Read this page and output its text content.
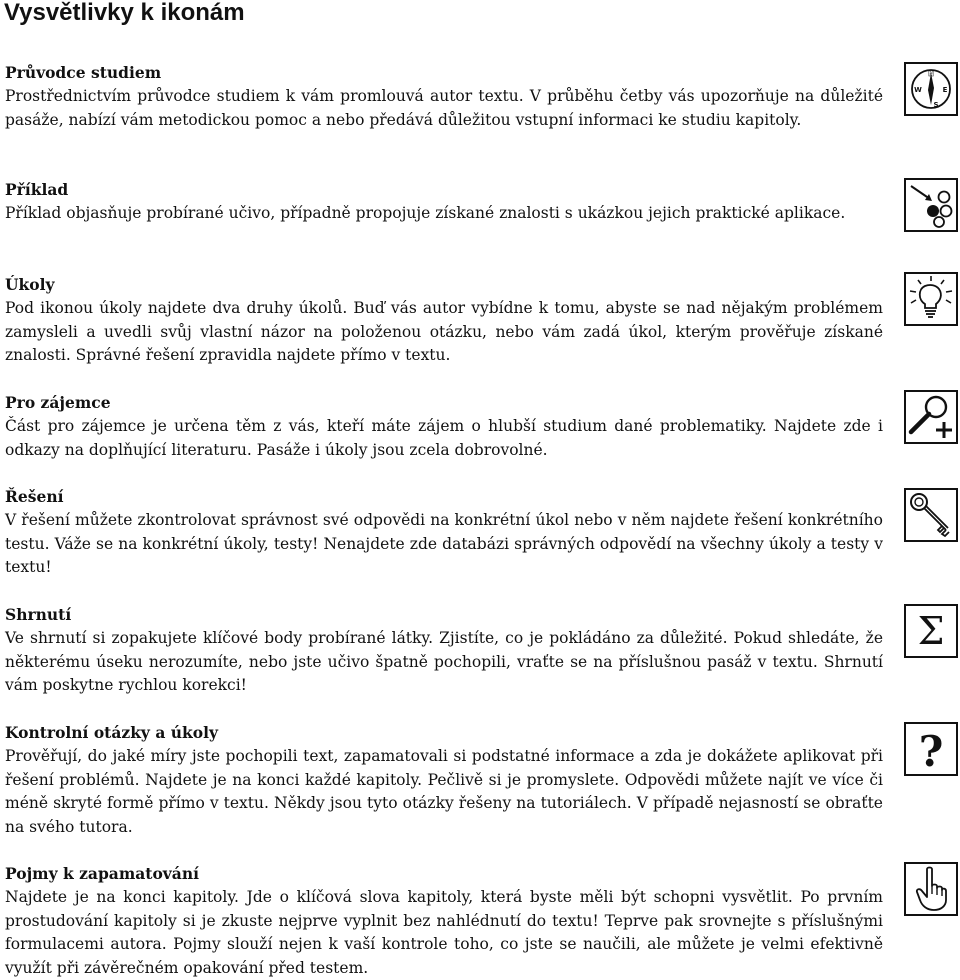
Vysvětlivky k ikonám
Průvodce studiem

Prostřednictvím průvodce studiem k vám promlouvá autor textu. V průběhu četby vás upozorňuje na důležité pasáže, nabízí vám metodickou pomoc a nebo předává důležitou vstupní informaci ke studiu kapitoly.

N
E
S
W
Příklad

Příklad objasňuje probírané učivo, případně propojuje získané znalosti s ukázkou jejich praktické aplikace.

Úkoly

Pod ikonou úkoly najdete dva druhy úkolů. Buď vás autor vybídne k tomu, abyste se nad nějakým problémem zamysleli a uvedli svůj vlastní názor na položenou otázku, nebo vám zadá úkol, kterým prověřuje získané znalosti. Správné řešení zpravidla najdete přímo v textu.

Pro zájemce

Část pro zájemce je určena těm z vás, kteří máte zájem o hlubší studium dané problematiky. Najdete zde i odkazy na doplňující literaturu. Pasáže i úkoly jsou zcela dobrovolné.

Řešení

V řešení můžete zkontrolovat správnost své odpovědi na konkrétní úkol nebo v něm najdete řešení konkrétního testu. Váže se na konkrétní úkoly, testy! Nenajdete zde databázi správných odpovědí na všechny úkoly a testy v textu!

Shrnutí

Ve shrnutí si zopakujete klíčové body probírané látky. Zjistíte, co je pokládáno za důležité. Pokud shledáte, že některému úseku nerozumíte, nebo jste učivo špatně pochopili, vraťte se na příslušnou pasáž v textu. Shrnutí vám poskytne rychlou korekci!

Σ
Kontrolní otázky a úkoly

Prověřují, do jaké míry jste pochopili text, zapamatovali si podstatné informace a zda je dokážete aplikovat při řešení problémů. Najdete je na konci každé kapitoly. Pečlivě si je promyslete. Odpovědi můžete najít ve více či méně skryté formě přímo v textu. Někdy jsou tyto otázky řešeny na tutoriálech. V případě nejasností se obraťte na svého tutora.

?
Pojmy k zapamatování

Najdete je na konci kapitoly. Jde o klíčová slova kapitoly, která byste měli být schopni vysvětlit. Po prvním prostudování kapitoly si je zkuste nejprve vyplnit bez nahlédnutí do textu! Teprve pak srovnejte s příslušnými formulacemi autora. Pojmy slouží nejen k vaší kontrole toho, co jste se naučili, ale můžete je velmi efektivně využít při závěrečném opakování před testem.
